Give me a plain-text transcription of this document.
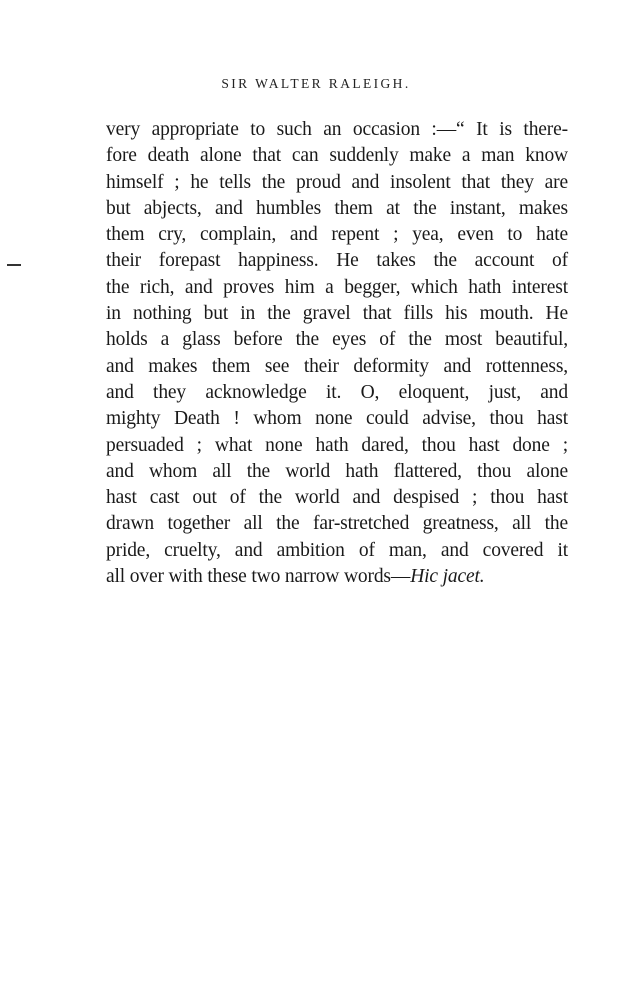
SIR WALTER RALEIGH.
very appropriate to such an occasion :—“ It is there-
fore death alone that can suddenly make a man know
himself ; he tells the proud and insolent that they are
but abjects, and humbles them at the instant, makes
them cry, complain, and repent ; yea, even to hate
their forepast happiness. He takes the account of
the rich, and proves him a begger, which hath interest
in nothing but in the gravel that fills his mouth. He
holds a glass before the eyes of the most beautiful,
and makes them see their deformity and rottenness,
and they acknowledge it. O, eloquent, just, and
mighty Death ! whom none could advise, thou hast
persuaded ; what none hath dared, thou hast done ;
and whom all the world hath flattered, thou alone
hast cast out of the world and despised ; thou hast
drawn together all the far-stretched greatness, all the
pride, cruelty, and ambition of man, and covered it
all over with these two narrow words—Hic jacet.
